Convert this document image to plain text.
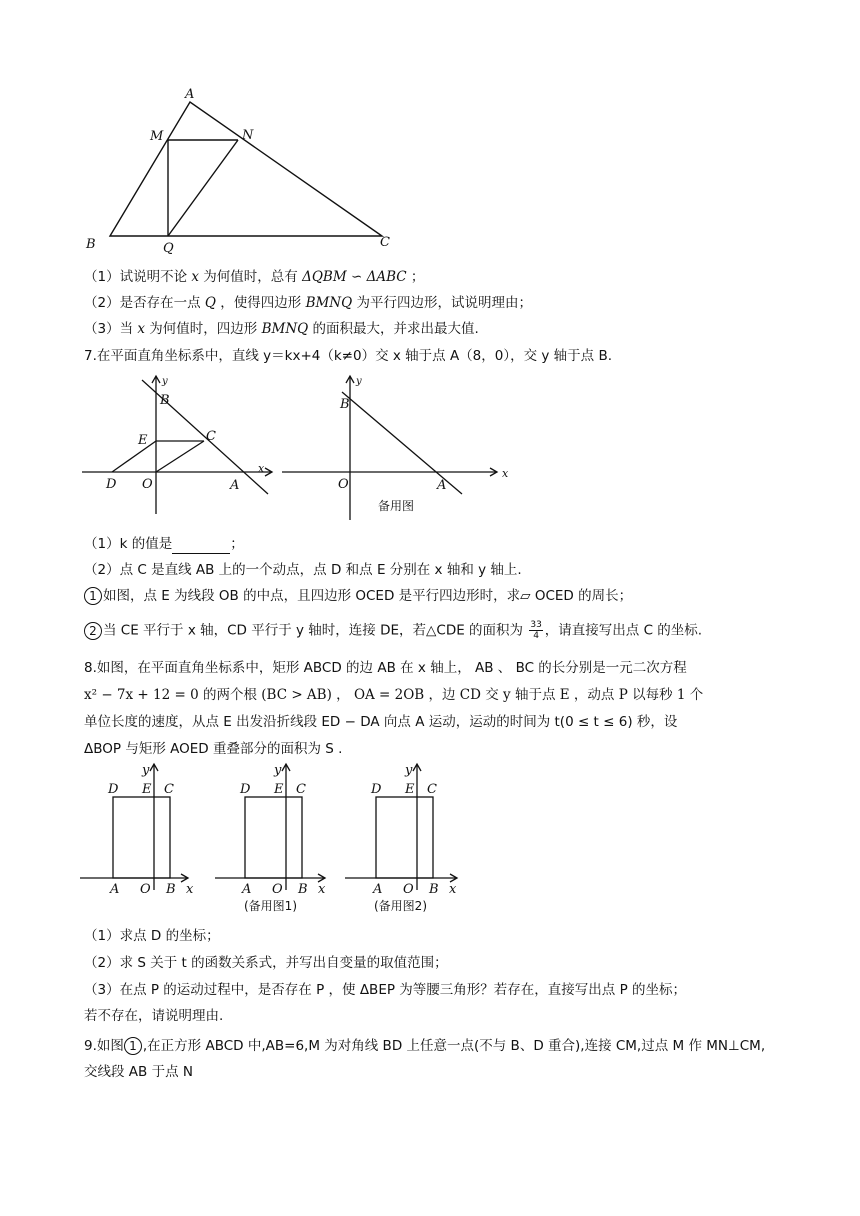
A
M	N
B	Q	C
（1）试说明不论 x 为何值时，总有 ΔQBM ∽ ΔABC ；
（2）是否存在一点 Q ，使得四边形 BMNQ 为平行四边形，试说明理由；
（3）当 x 为何值时，四边形 BMNQ 的面积最大，并求出最大值.
7.在平面直角坐标系中，直线 y＝kx+4（k≠0）交 x 轴于点 A（8，0），交 y 轴于点 B.
y
x
B
E	C
D O	A
y
x
B
O	A
备用图
（1）k 的值是	；
（2）点 C 是直线 AB 上的一个动点，点 D 和点 E 分别在 x 轴和 y 轴上.
1 如图，点 E 为线段 OB 的中点，且四边形 OCED 是平行四边形时，求▱ OCED 的周长；
2 当 CE 平行于 x 轴，CD 平行于 y 轴时，连接 DE，若△CDE 的面积为 $\frac{33}{4}$ ，请直接写出点 C 的坐标.
8.如图，在平面直角坐标系中，矩形 ABCD 的边 AB 在 x 轴上， AB 、 BC 的长分别是一元二次方程
x² − 7x + 12 = 0 的两个根 (BC > AB) ， OA = 2OB ，边 CD 交 y 轴于点 E ，动点 P 以每秒 1 个
单位长度的速度，从点 E 出发沿折线段 ED − DA 向点 A 运动，运动的时间为 t(0 ≤ t ≤ 6) 秒，设
ΔBOP 与矩形 AOED 重叠部分的面积为 S .
y
D E C
A O B x
y
D E C
A O B x
y
D E C
A O B x
(备用图1)	(备用图2)
（1）求点 D 的坐标；
（2）求 S 关于 t 的函数关系式，并写出自变量的取值范围；
（3）在点 P 的运动过程中，是否存在 P ，使 ΔBEP 为等腰三角形？若存在，直接写出点 P 的坐标；
若不存在，请说明理由.
9.如图 1 ,在正方形 ABCD 中,AB=6,M 为对角线 BD 上任意一点(不与 B、D 重合),连接 CM,过点 M 作 MN⊥CM,
交线段 AB 于点 N
